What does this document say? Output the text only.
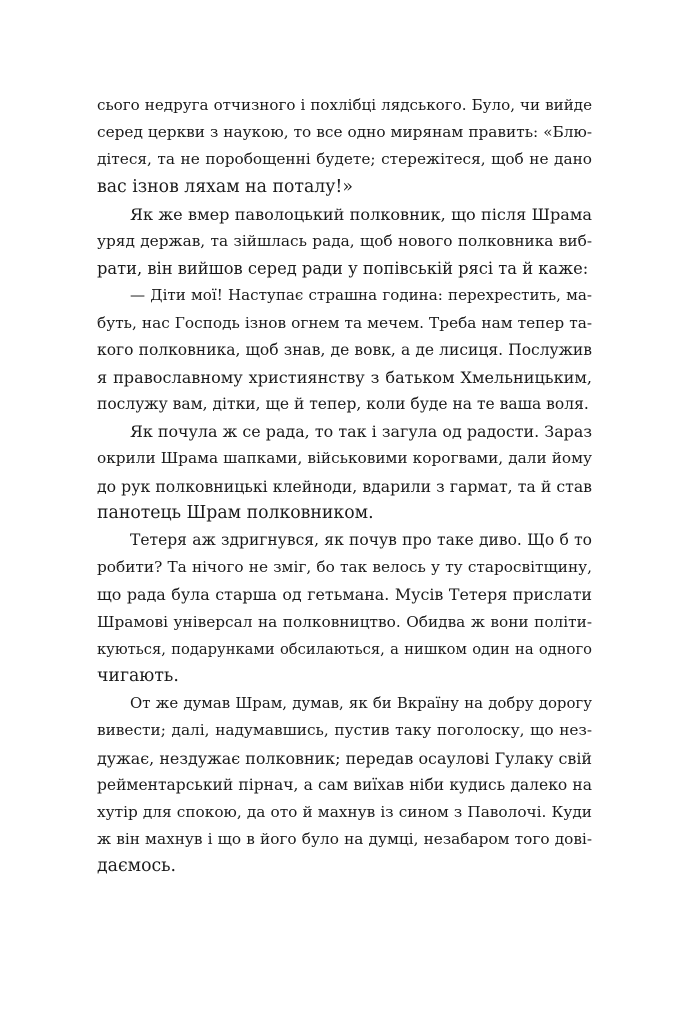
сього недруга отчизного і похлібці лядського. Було, чи вийде
серед церкви з наукою, то все одно мирянам править: «Блю-
дітеся, та не поробощенні будете; стережітеся, щоб не дано
вас ізнов ляхам на поталу!»
Як же вмер паволоцький полковник, що після Шрама
уряд держав, та зійшлась рада, щоб нового полковника виб-
рати, він вийшов серед ради у попівській рясі та й каже:
— Діти мої! Наступає страшна година: перехрестить, ма-
буть, нас Господь ізнов огнем та мечем. Треба нам тепер та-
кого полковника, щоб знав, де вовк, а де лисиця. Послужив
я православному християнству з батьком Хмельницьким,
послужу вам, дітки, ще й тепер, коли буде на те ваша воля.
Як почула ж се рада, то так і загула од радости. Зараз
окрили Шрама шапками, військовими корогвами, дали йому
до рук полковницькі клейноди, вдарили з гармат, та й став
панотець Шрам полковником.
Тетеря аж здригнувся, як почув про таке диво. Що б то
робити? Та нічого не зміг, бо так велось у ту старосвітщину,
що рада була старша од гетьмана. Мусів Тетеря прислати
Шрамові універсал на полковництво. Обидва ж вони політи-
куються, подарунками обсилаються, а нишком один на одного
чигають.
От же думав Шрам, думав, як би Вкраїну на добру дорогу
вивести; далі, надумавшись, пустив таку поголоску, що нез-
дужає, нездужає полковник; передав осаулові Гулаку свій
рейментарський пірнач, а сам виїхав ніби кудись далеко на
хутір для спокою, да ото й махнув із сином з Паволочі. Куди
ж він махнув і що в його було на думці, незабаром того дові-
даємось.
